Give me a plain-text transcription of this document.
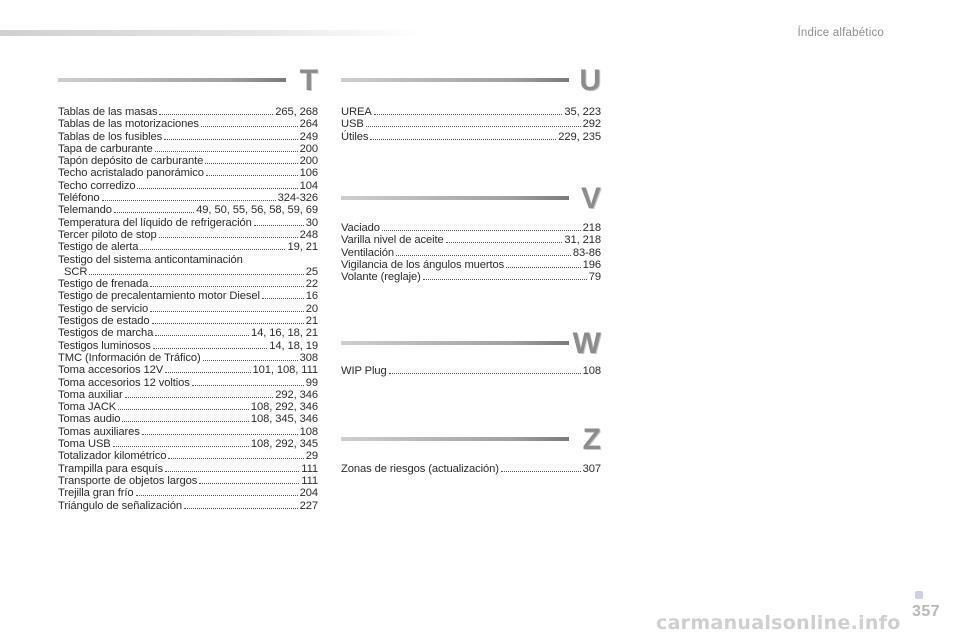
Índice alfabético
T
Tablas de las masas	265, 268
Tablas de las motorizaciones	264
Tablas de los fusibles	249
Tapa de carburante	200
Tapón depósito de carburante	200
Techo acristalado panorámico	106
Techo corredizo	104
Teléfono	324-326
Telemando	49, 50, 55, 56, 58, 59, 69
Temperatura del líquido de refrigeración	30
Tercer piloto de stop	248
Testigo de alerta	19, 21
Testigo del sistema anticontaminación
SCR	25
Testigo de frenada	22
Testigo de precalentamiento motor Diesel	16
Testigo de servicio	20
Testigos de estado	21
Testigos de marcha	14, 16, 18, 21
Testigos luminosos	14, 18, 19
TMC (Información de Tráfico)	308
Toma accesorios 12V	101, 108, 111
Toma accesorios 12 voltios	99
Toma auxiliar	292, 346
Toma JACK	108, 292, 346
Tomas audio	108, 345, 346
Tomas auxiliares	108
Toma USB	108, 292, 345
Totalizador kilométrico	29
Trampilla para esquís	111
Transporte de objetos largos	111
Trejilla gran frío	204
Triángulo de señalización	227
U
UREA	35, 223
USB	292
Útiles	229, 235
V
Vaciado	218
Varilla nivel de aceite	31, 218
Ventilación	83-86
Vigilancia de los ángulos muertos	196
Volante (reglaje)	79
W
WIP Plug	108
Z
Zonas de riesgos (actualización)	307
357
carmanualsonline.info
